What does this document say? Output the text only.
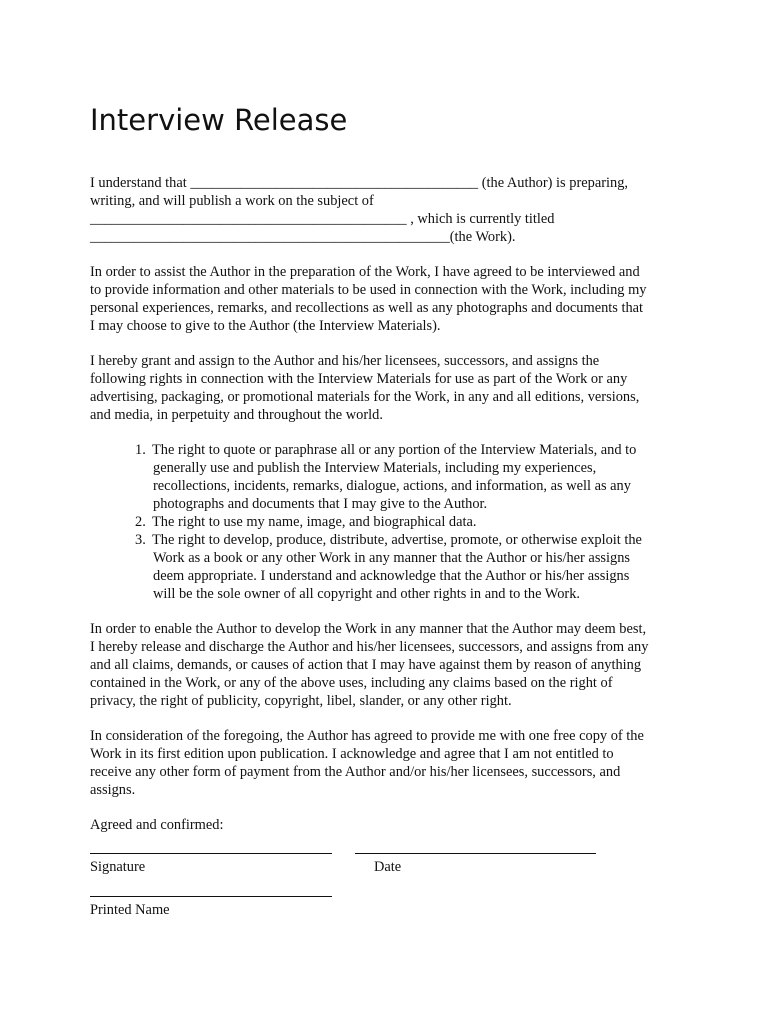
Interview Release

I understand that ________________________________________ (the Author) is preparing,
writing, and will publish a work on the subject of
____________________________________________ , which is currently titled
__________________________________________________(the Work).

In order to assist the Author in the preparation of the Work, I have agreed to be interviewed and
to provide information and other materials to be used in connection with the Work, including my
personal experiences, remarks, and recollections as well as any photographs and documents that
I may choose to give to the Author (the Interview Materials).

I hereby grant and assign to the Author and his/her licensees, successors, and assigns the
following rights in connection with the Interview Materials for use as part of the Work or any
advertising, packaging, or promotional materials for the Work, in any and all editions, versions,
and media, in perpetuity and throughout the world.

1. The right to quote or paraphrase all or any portion of the Interview Materials, and to
generally use and publish the Interview Materials, including my experiences,
recollections, incidents, remarks, dialogue, actions, and information, as well as any
photographs and documents that I may give to the Author.
2. The right to use my name, image, and biographical data.
3. The right to develop, produce, distribute, advertise, promote, or otherwise exploit the
Work as a book or any other Work in any manner that the Author or his/her assigns
deem appropriate. I understand and acknowledge that the Author or his/her assigns
will be the sole owner of all copyright and other rights in and to the Work.

In order to enable the Author to develop the Work in any manner that the Author may deem best,
I hereby release and discharge the Author and his/her licensees, successors, and assigns from any
and all claims, demands, or causes of action that I may have against them by reason of anything
contained in the Work, or any of the above uses, including any claims based on the right of
privacy, the right of publicity, copyright, libel, slander, or any other right.

In consideration of the foregoing, the Author has agreed to provide me with one free copy of the
Work in its first edition upon publication. I acknowledge and agree that I am not entitled to
receive any other form of payment from the Author and/or his/her licensees, successors, and
assigns.

Agreed and confirmed:
Signature	Date
Printed Name
